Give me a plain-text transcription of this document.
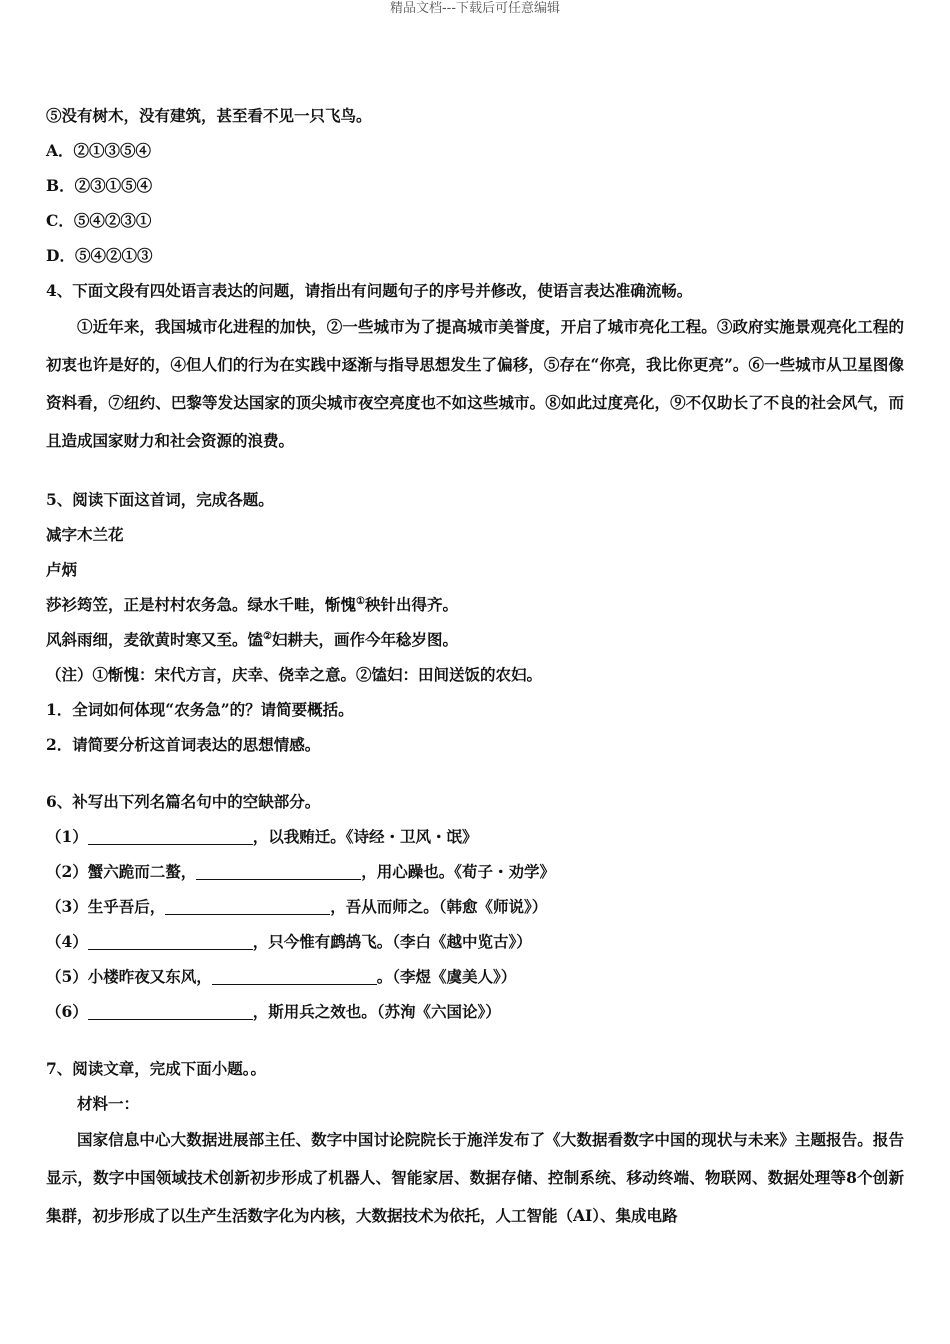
精品文档---下载后可任意编辑
⑤没有树木，没有建筑，甚至看不见一只飞鸟。
A．②①③⑤④
B．②③①⑤④
C．⑤④②③①
D．⑤④②①③
4、下面文段有四处语言表达的问题，请指出有问题句子的序号并修改，使语言表达准确流畅。
①近年来，我国城市化进程的加快，②一些城市为了提高城市美誉度，开启了城市亮化工程。③政府实施景观亮化工程的初衷也许是好的，④但人们的行为在实践中逐渐与指导思想发生了偏移，⑤存在“你亮，我比你更亮”。⑥一些城市从卫星图像资料看，⑦纽约、巴黎等发达国家的顶尖城市夜空亮度也不如这些城市。⑧如此过度亮化，⑨不仅助长了不良的社会风气，而且造成国家财力和社会资源的浪费。
5、阅读下面这首词，完成各题。
减字木兰花
卢炳
莎衫筠笠，正是村村农务急。绿水千畦，惭愧①秧针出得齐。
风斜雨细，麦欲黄时寒又至。馌②妇耕夫，画作今年稔岁图。
（注）①惭愧：宋代方言，庆幸、侥幸之意。②馌妇：田间送饭的农妇。
1．全词如何体现“农务急”的？请简要概括。
2．请简要分析这首词表达的思想情感。
6、补写出下列名篇名句中的空缺部分。
（1）	，以我贿迁。《诗经・卫风・氓》
（2）蟹六跪而二螯，	，用心躁也。《荀子・劝学》
（3）生乎吾后，	，吾从而师之。（韩愈《师说》）
（4）	，只今惟有鹧鸪飞。（李白《越中览古》）
（5）小楼昨夜又东风，	。（李煜《虞美人》）
（6）	，斯用兵之效也。（苏洵《六国论》）
7、阅读文章，完成下面小题。。
材料一：
国家信息中心大数据进展部主任、数字中国讨论院院长于施洋发布了《大数据看数字中国的现状与未来》主题报告。报告显示，数字中国领域技术创新初步形成了机器人、智能家居、数据存储、控制系统、移动终端、物联网、数据处理等8个创新集群，初步形成了以生产生活数字化为内核，大数据技术为依托，人工智能（AI）、集成电路
